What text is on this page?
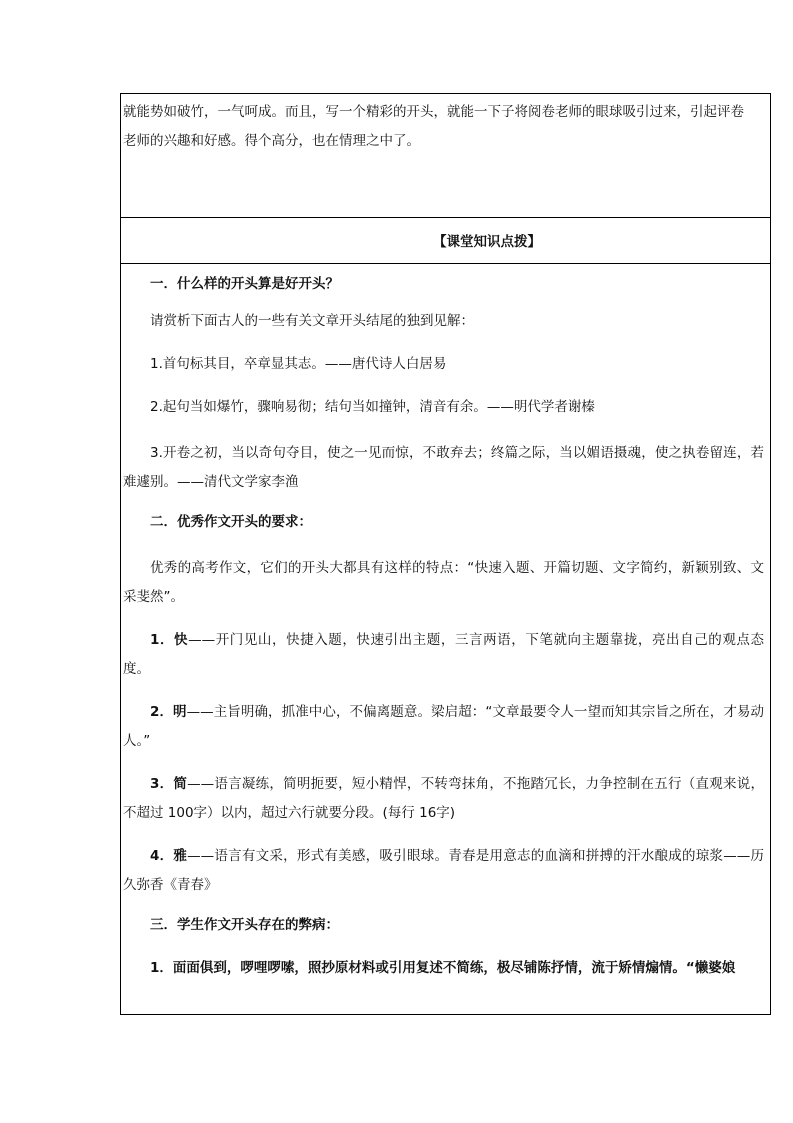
就能势如破竹，一气呵成。而且，写一个精彩的开头，就能一下子将阅卷老师的眼球吸引过来，引起评卷

老师的兴趣和好感。得个高分，也在情理之中了。

【课堂知识点拨】

一．什么样的开头算是好开头？

请赏析下面古人的一些有关文章开头结尾的独到见解：

1.首句标其目，卒章显其志。——唐代诗人白居易

2.起句当如爆竹，骤响易彻；结句当如撞钟，清音有余。——明代学者谢榛

3.开卷之初，当以奇句夺目，使之一见而惊，不敢弃去；终篇之际，当以媚语摄魂，使之执卷留连，若难遽别。——清代文学家李渔

二．优秀作文开头的要求：

优秀的高考作文，它们的开头大都具有这样的特点：“快速入题、开篇切题、文字简约，新颖别致、文采斐然”。

1．快——开门见山，快捷入题，快速引出主题，三言两语，下笔就向主题靠拢，亮出自己的观点态度。

2．明——主旨明确，抓准中心，不偏离题意。梁启超：“文章最要令人一望而知其宗旨之所在，才易动人。”

3．简——语言凝练，简明扼要，短小精悍，不转弯抹角，不拖踏冗长，力争控制在五行（直观来说，不超过 100字）以内，超过六行就要分段。(每行 16字)

4．雅——语言有文采，形式有美感，吸引眼球。青春是用意志的血滴和拼搏的汗水酿成的琼浆——历久弥香《青春》

三．学生作文开头存在的弊病：

1．面面俱到，啰哩啰嗦，照抄原材料或引用复述不简练，极尽铺陈抒情，流于矫情煽情。“懒婆娘
